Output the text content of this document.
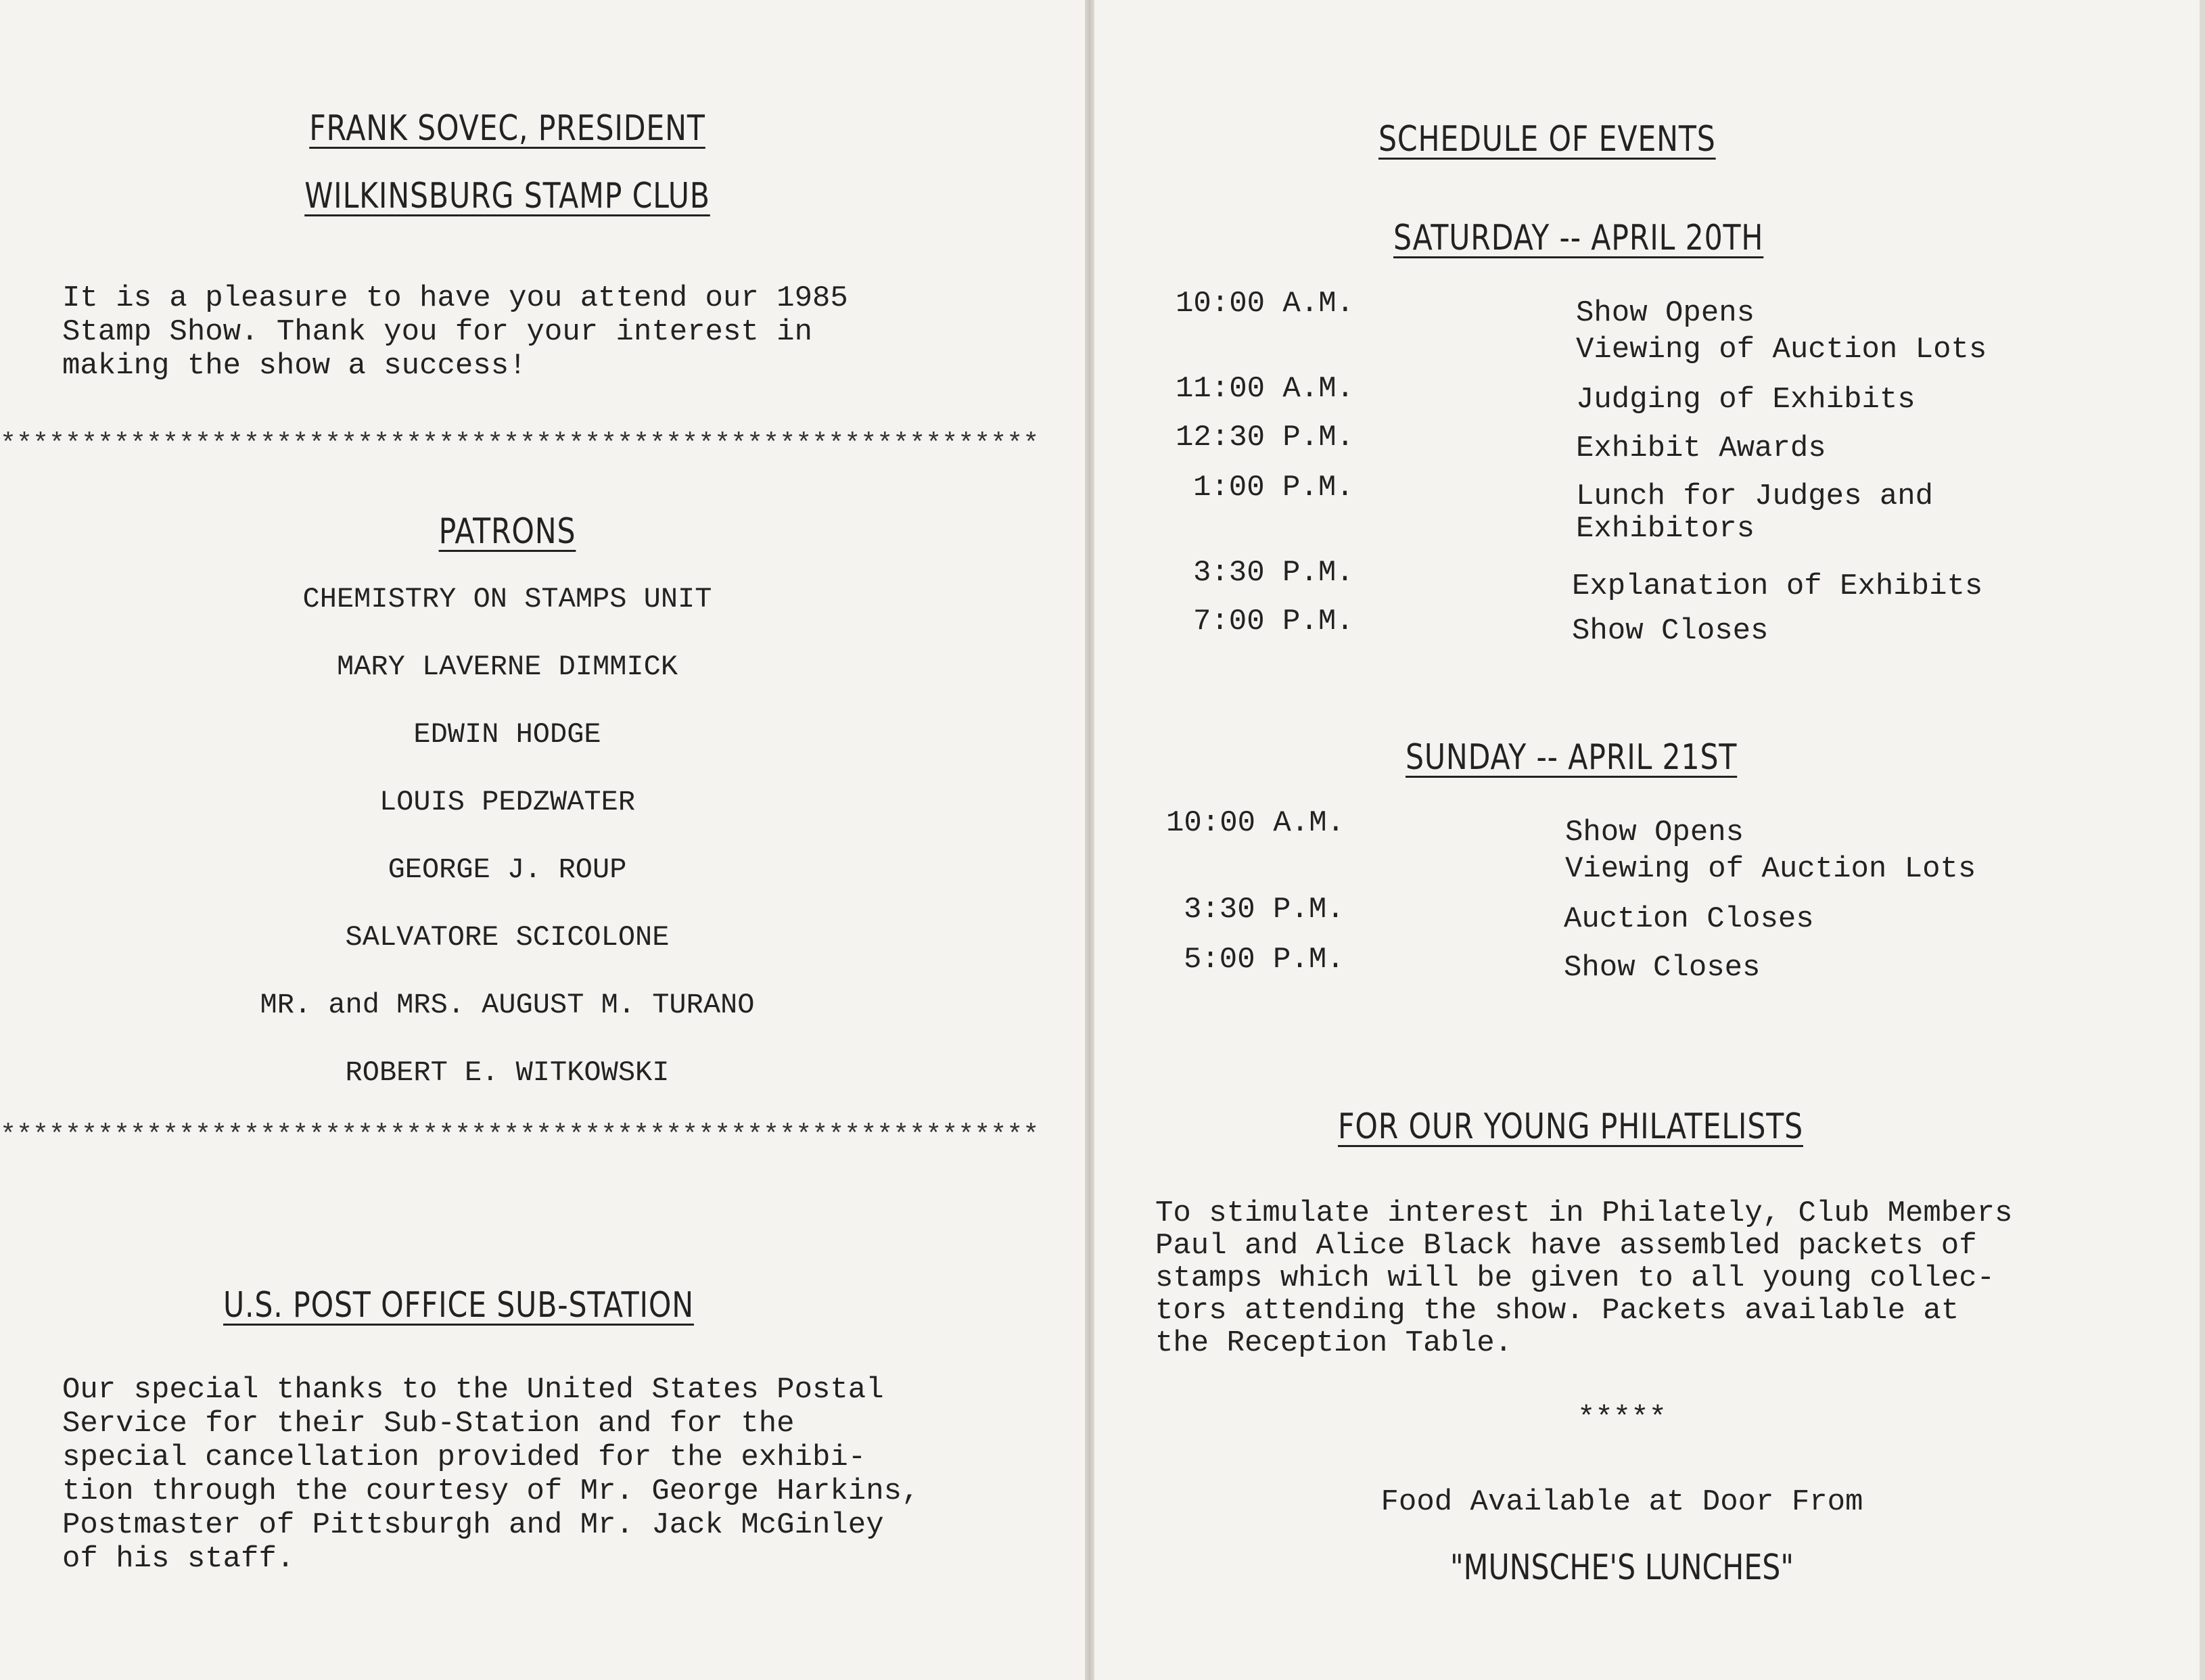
FRANK SOVEC, PRESIDENT
WILKINSBURG STAMP CLUB
It is a pleasure to have you attend our 1985
Stamp Show. Thank you for your interest in
making the show a success!
****************************************************************
PATRONS
CHEMISTRY ON STAMPS UNIT
MARY LAVERNE DIMMICK
EDWIN HODGE
LOUIS PEDZWATER
GEORGE J. ROUP
SALVATORE SCICOLONE
MR. and MRS. AUGUST M. TURANO
ROBERT E. WITKOWSKI
****************************************************************
U.S. POST OFFICE SUB-STATION
Our special thanks to the United States Postal
Service for their Sub-Station and for the
special cancellation provided for the exhibi-
tion through the courtesy of Mr. George Harkins,
Postmaster of Pittsburgh and Mr. Jack McGinley
of his staff.
SCHEDULE OF EVENTS
SATURDAY -- APRIL 20TH
10:00 A.M.	Show Opens
Viewing of Auction Lots
11:00 A.M.	Judging of Exhibits
12:30 P.M.	Exhibit Awards
1:00 P.M.	Lunch for Judges and
Exhibitors
3:30 P.M.	Explanation of Exhibits
7:00 P.M.	Show Closes
SUNDAY -- APRIL 21ST
10:00 A.M.	Show Opens
Viewing of Auction Lots
3:30 P.M.	Auction Closes
5:00 P.M.	Show Closes
FOR OUR YOUNG PHILATELISTS
To stimulate interest in Philately, Club Members
Paul and Alice Black have assembled packets of
stamps which will be given to all young collec-
tors attending the show. Packets available at
the Reception Table.
*****
Food Available at Door From
"MUNSCHE'S LUNCHES"
